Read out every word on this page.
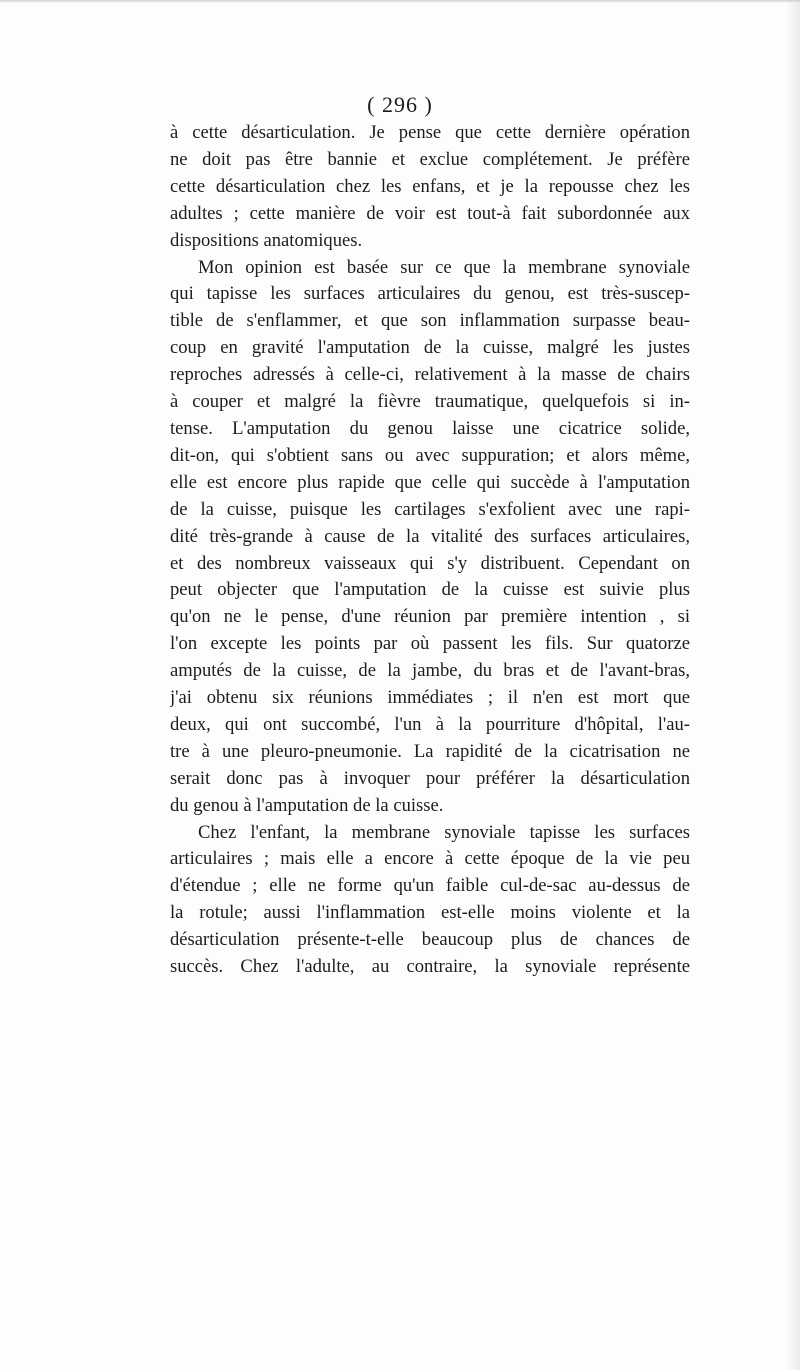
( 296 )
à cette désarticulation. Je pense que cette dernière opération
ne doit pas être bannie et exclue complétement. Je préfère
cette désarticulation chez les enfans, et je la repousse chez les
adultes ; cette manière de voir est tout-à fait subordonnée aux
dispositions anatomiques.
Mon opinion est basée sur ce que la membrane synoviale
qui tapisse les surfaces articulaires du genou, est très-suscep-
tible de s'enflammer, et que son inflammation surpasse beau-
coup en gravité l'amputation de la cuisse, malgré les justes
reproches adressés à celle-ci, relativement à la masse de chairs
à couper et malgré la fièvre traumatique, quelquefois si in-
tense. L'amputation du genou laisse une cicatrice solide,
dit-on, qui s'obtient sans ou avec suppuration; et alors même,
elle est encore plus rapide que celle qui succède à l'amputation
de la cuisse, puisque les cartilages s'exfolient avec une rapi-
dité très-grande à cause de la vitalité des surfaces articulaires,
et des nombreux vaisseaux qui s'y distribuent. Cependant on
peut objecter que l'amputation de la cuisse est suivie plus
qu'on ne le pense, d'une réunion par première intention , si
l'on excepte les points par où passent les fils. Sur quatorze
amputés de la cuisse, de la jambe, du bras et de l'avant-bras,
j'ai obtenu six réunions immédiates ; il n'en est mort que
deux, qui ont succombé, l'un à la pourriture d'hôpital, l'au-
tre à une pleuro-pneumonie. La rapidité de la cicatrisation ne
serait donc pas à invoquer pour préférer la désarticulation
du genou à l'amputation de la cuisse.
Chez l'enfant, la membrane synoviale tapisse les surfaces
articulaires ; mais elle a encore à cette époque de la vie peu
d'étendue ; elle ne forme qu'un faible cul-de-sac au-dessus de
la rotule; aussi l'inflammation est-elle moins violente et la
désarticulation présente-t-elle beaucoup plus de chances de
succès. Chez l'adulte, au contraire, la synoviale représente
